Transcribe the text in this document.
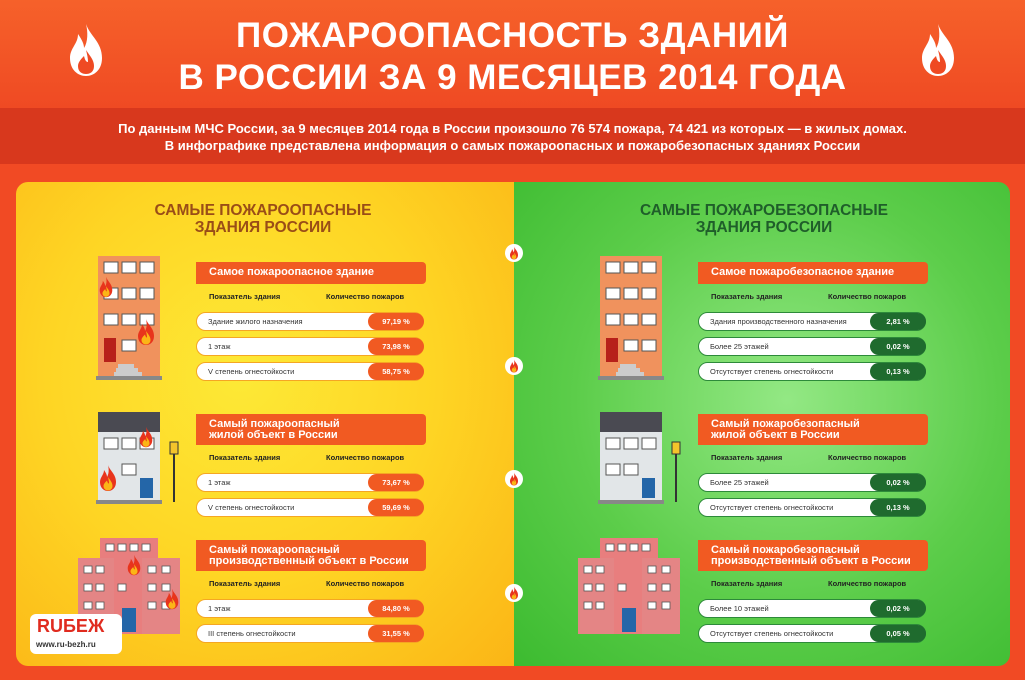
ПОЖАРООПАСНОСТЬ ЗДАНИЙ
В РОССИИ ЗА 9 МЕСЯЦЕВ 2014 ГОДА
По данным МЧС России, за 9 месяцев 2014 года в России произошло 76 574 пожара, 74 421 из которых — в жилых домах.
В инфографике представлена информация о самых пожароопасных и пожаробезопасных зданиях России
САМЫЕ ПОЖАРООПАСНЫЕ
ЗДАНИЯ РОССИИ
Самое пожароопасное здание
Показатель здания	Количество пожаров
Здание жилого назначения	97,19 %
1 этаж	73,98 %
V степень огнестойкости	58,75 %
Самый пожароопасный
жилой объект в России
Показатель здания	Количество пожаров
1 этаж	73,67 %
V степень огнестойкости	59,69 %
Самый пожароопасный
производственный объект в России
Показатель здания	Количество пожаров
1 этаж	84,80 %
III степень огнестойкости	31,55 %
САМЫЕ ПОЖАРОБЕЗОПАСНЫЕ
ЗДАНИЯ РОССИИ
Самое пожаробезопасное здание
Показатель здания	Количество пожаров
Здания производственного назначения	2,81 %
Более 25 этажей	0,02 %
Отсутствует степень огнестойкости	0,13 %
Самый пожаробезопасный
жилой объект в России
Показатель здания	Количество пожаров
Более 25 этажей	0,02 %
Отсутствует степень огнестойкости	0,13 %
Самый пожаробезопасный
производственный объект в России
Показатель здания	Количество пожаров
Более 10 этажей	0,02 %
Отсутствует степень огнестойкости	0,05 %
RUБЕЖ
www.ru-bezh.ru
